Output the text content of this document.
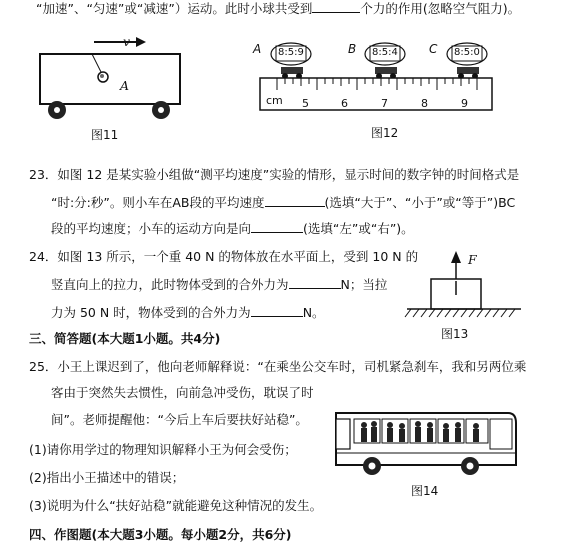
“加速”、“匀速”或“减速”）运动。此时小球共受到	个力的作用(忽略空气阻力)。
v
A
图11
A 8:5:9	B 8:5:4	C 8:5:0
cm 5	6	7	8	9
图12
23．如图 12 是某实验小组做“测平均速度”实验的情形，显示时间的数字钟的时间格式是
“时:分:秒”。则小车在AB段的平均速度	(选填“大于”、“小于”或“等于”)BC
段的平均速度；小车的运动方向是向	(选填“左”或“右”)。
24．如图 13 所示，一个重 40 N 的物体放在水平面上，受到 10 N 的
竖直向上的拉力，此时物体受到的合外力为	N；当拉
力为 50 N 时，物体受到的合外力为	N。
F
图13
三、简答题(本大题1小题。共4分)
25．小王上课迟到了，他向老师解释说：“在乘坐公交车时，司机紧急刹车，我和另两位乘
客由于突然失去惯性，向前急冲受伤，耽误了时
间”。老师提醒他：“今后上车后要扶好站稳”。
(1)请你用学过的物理知识解释小王为何会受伤；
(2)指出小王描述中的错误；
(3)说明为什么“扶好站稳”就能避免这种情况的发生。
图14
四、作图题(本大题3小题。每小题2分，共6分)
